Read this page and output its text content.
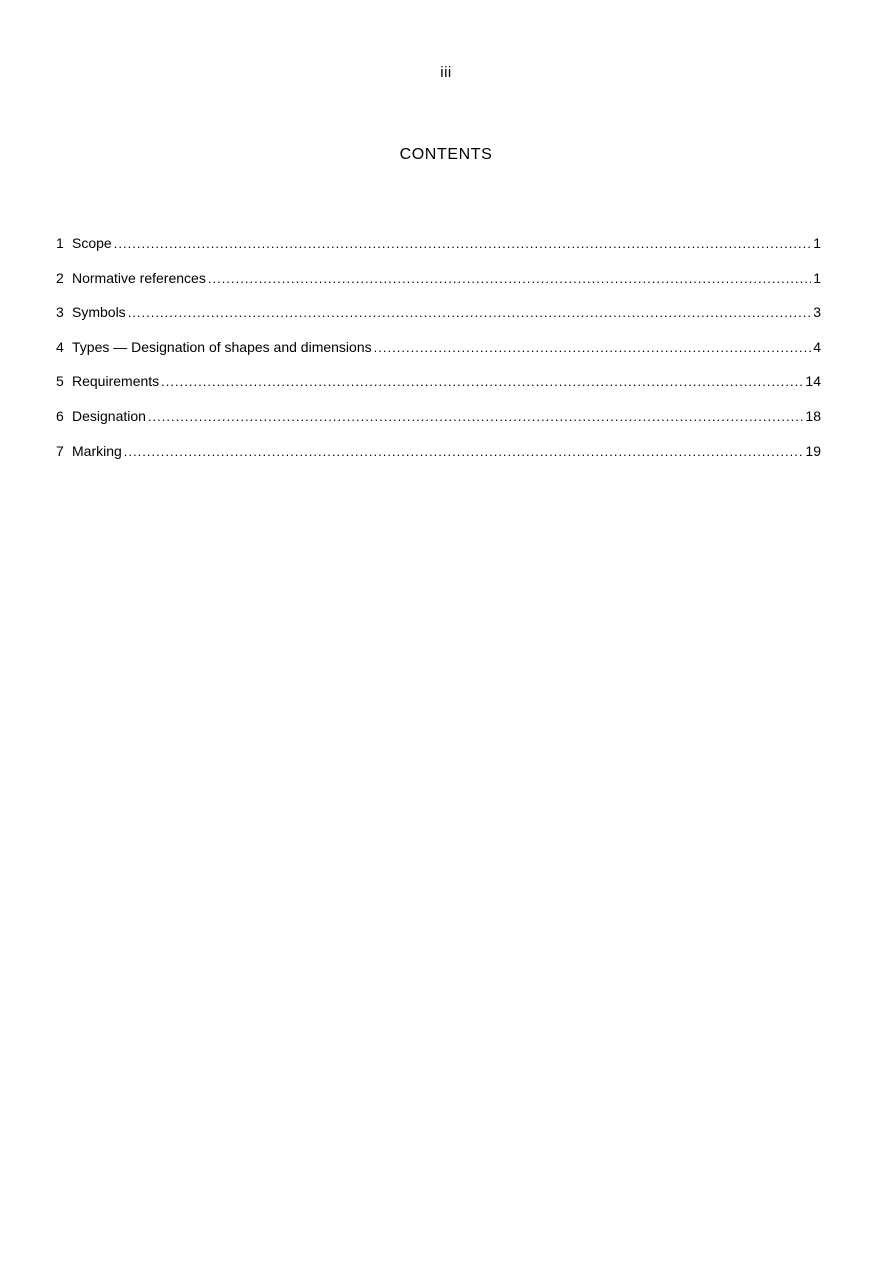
iii
CONTENTS
1 Scope . . .	1
2 Normative references . . .	1
3 Symbols . . .	3
4 Types — Designation of shapes and dimensions . . .	4
5 Requirements . . .	14
6 Designation . . .	18
7 Marking . . .	19
